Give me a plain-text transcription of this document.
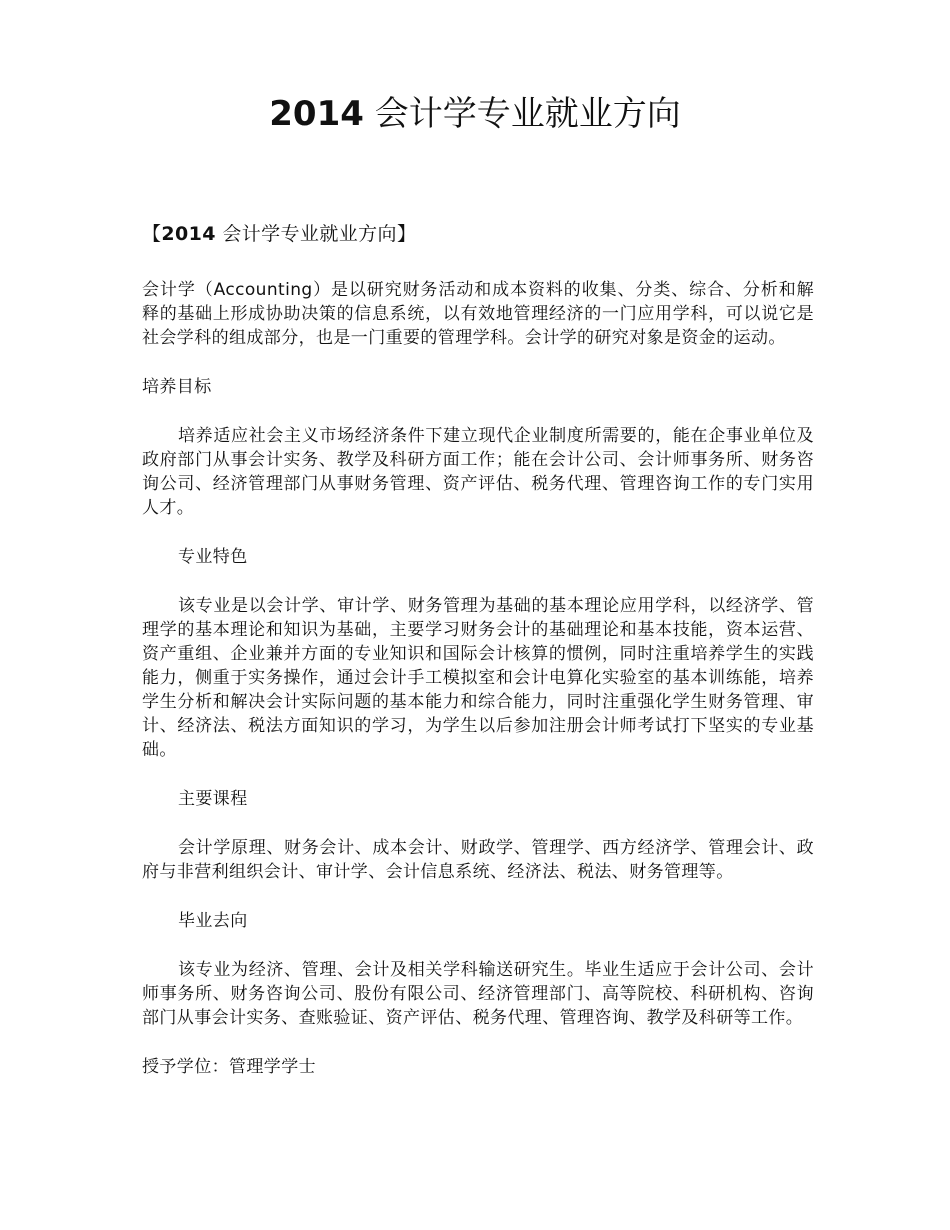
2014 会计学专业就业方向

【2014 会计学专业就业方向】

会计学（Accounting）是以研究财务活动和成本资料的收集、分类、综合、分析和解释的基础上形成协助决策的信息系统，以有效地管理经济的一门应用学科，可以说它是社会学科的组成部分，也是一门重要的管理学科。会计学的研究对象是资金的运动。

培养目标

培养适应社会主义市场经济条件下建立现代企业制度所需要的，能在企事业单位及政府部门从事会计实务、教学及科研方面工作；能在会计公司、会计师事务所、财务咨询公司、经济管理部门从事财务管理、资产评估、税务代理、管理咨询工作的专门实用人才。

专业特色

该专业是以会计学、审计学、财务管理为基础的基本理论应用学科，以经济学、管理学的基本理论和知识为基础，主要学习财务会计的基础理论和基本技能，资本运营、资产重组、企业兼并方面的专业知识和国际会计核算的惯例，同时注重培养学生的实践能力，侧重于实务操作，通过会计手工模拟室和会计电算化实验室的基本训练能，培养学生分析和解决会计实际问题的基本能力和综合能力，同时注重强化学生财务管理、审计、经济法、税法方面知识的学习，为学生以后参加注册会计师考试打下坚实的专业基础。

主要课程

会计学原理、财务会计、成本会计、财政学、管理学、西方经济学、管理会计、政府与非营利组织会计、审计学、会计信息系统、经济法、税法、财务管理等。

毕业去向

该专业为经济、管理、会计及相关学科输送研究生。毕业生适应于会计公司、会计师事务所、财务咨询公司、股份有限公司、经济管理部门、高等院校、科研机构、咨询部门从事会计实务、查账验证、资产评估、税务代理、管理咨询、教学及科研等工作。

授予学位：管理学学士
